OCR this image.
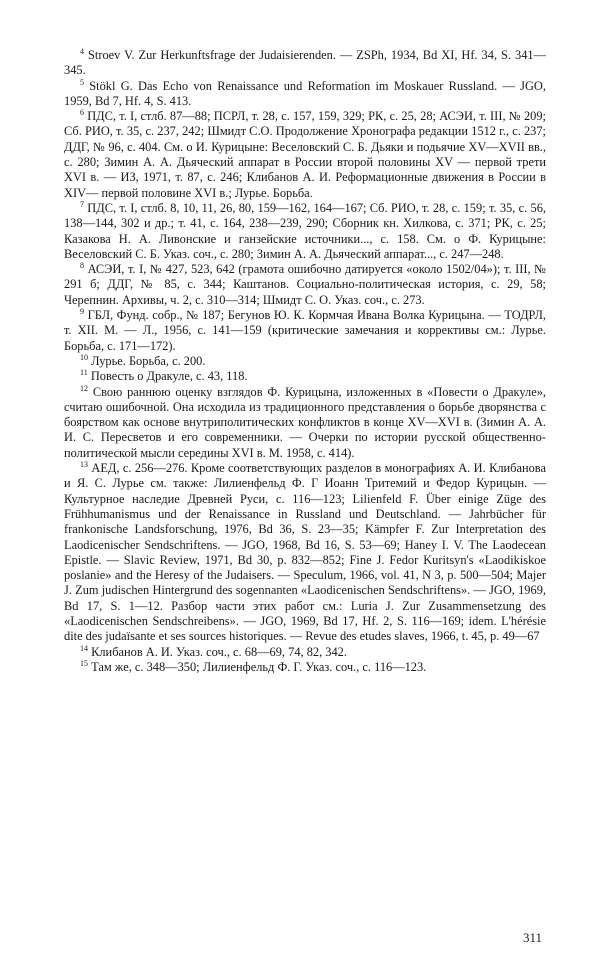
$^4$ Stroev V. Zur Herkunftsfrage der Judaisierenden. — ZSPh, 1934, Bd XI, Hf. 34, S. 341—345.

$^5$ Stökl G. Das Echo von Renaissance und Reformation im Moskauer Russland. — JGO, 1959, Bd 7, Hf. 4, S. 413.

$^6$ ПДС, т. I, стлб. 87—88; ПСРЛ, т. 28, с. 157, 159, 329; РК, с. 25, 28; АСЭИ, т. III, № 209; Сб. РИО, т. 35, с. 237, 242; Шмидт С.О. Продолжение Хронографа редакции 1512 г., с. 237; ДДГ, № 96, с. 404. См. о И. Курицыне: Веселовский С. Б. Дьяки и подьячие XV—XVII вв., с. 280; Зимин А. А. Дьяческий аппарат в России второй половины XV — первой трети XVI в. — ИЗ, 1971, т. 87, с. 246; Клибанов А. И. Реформационные движения в России в XIV— первой половине XVI в.; Лурье. Борьба.

$^7$ ПДС, т. I, стлб. 8, 10, 11, 26, 80, 159—162, 164—167; Сб. РИО, т. 28, с. 159; т. 35, с. 56, 138—144, 302 и др.; т. 41, с. 164, 238—239, 290; Сборник кн. Хилкова, с. 371; РК, с. 25; Казакова Н. А. Ливонские и ганзейские источники..., с. 158. См. о Ф. Курицыне: Веселовский С. Б. Указ. соч., с. 280; Зимин А. А. Дьяческий аппарат..., с. 247—248.

$^8$ АСЭИ, т. I, № 427, 523, 642 (грамота ошибочно датируется «около 1502/04»); т. III, № 291 б; ДДГ, № 85, с. 344; Каштанов. Социально-политическая история, с. 29, 58; Черепнин. Архивы, ч. 2, с. 310—314; Шмидт С. О. Указ. соч., с. 273.

$^9$ ГБЛ, Фунд. собр., № 187; Бегунов Ю. К. Кормчая Ивана Волка Курицына. — ТОДРЛ, т. XII. М. — Л., 1956, с. 141—159 (критические замечания и коррективы см.: Лурье. Борьба, с. 171—172).

$^{10}$ Лурье. Борьба, с. 200.

$^{11}$ Повесть о Дракуле, с. 43, 118.

$^{12}$ Свою раннюю оценку взглядов Ф. Курицына, изложенных в «Повести о Дракуле», считаю ошибочной. Она исходила из традиционного представления о борьбе дворянства с боярством как основе внутриполитических конфликтов в конце XV—XVI в. (Зимин А. А. И. С. Пересветов и его современники. — Очерки по истории русской общественно-политической мысли середины XVI в. М. 1958, с. 414).

$^{13}$ АЕД, с. 256—276. Кроме соответствующих разделов в монографиях А. И. Клибанова и Я. С. Лурье см. также: Лилиенфельд Ф. Г Иоанн Тритемий и Федор Курицын. — Культурное наследие Древней Руси, с. 116—123; Lilienfeld F. Über einige Züge des Frühhumanismus und der Renaissance in Russland und Deutschland. — Jahrbücher für frankonische Landsforschung, 1976, Bd 36, S. 23—35; Kämpfer F. Zur Interpretation des Laodicenischer Sendschriftens. — JGO, 1968, Bd 16, S. 53—69; Haney I. V. The Laodecean Epistle. — Slavic Review, 1971, Bd 30, p. 832—852; Fine J. Fedor Kuritsyn's «Laodikiskoe poslanie» and the Heresy of the Judaisers. — Speculum, 1966, vol. 41, N 3, p. 500—504; Majer J. Zum judischen Hintergrund des sogennanten «Laodicenischen Sendschriftens». — JGO, 1969, Bd 17, S. 1—12. Разбор части этих работ см.: Luria J. Zur Zusammensetzung des «Laodicenischen Sendschreibens». — JGO, 1969, Bd 17, Hf. 2, S. 116—169; idem. L'hérésie dite des judaïsante et ses sources historiques. — Revue des etudes slaves, 1966, t. 45, p. 49—67

$^{14}$ Клибанов А. И. Указ. соч., с. 68—69, 74, 82, 342.

$^{15}$ Там же, с. 348—350; Лилиенфельд Ф. Г. Указ. соч., с. 116—123.

311
